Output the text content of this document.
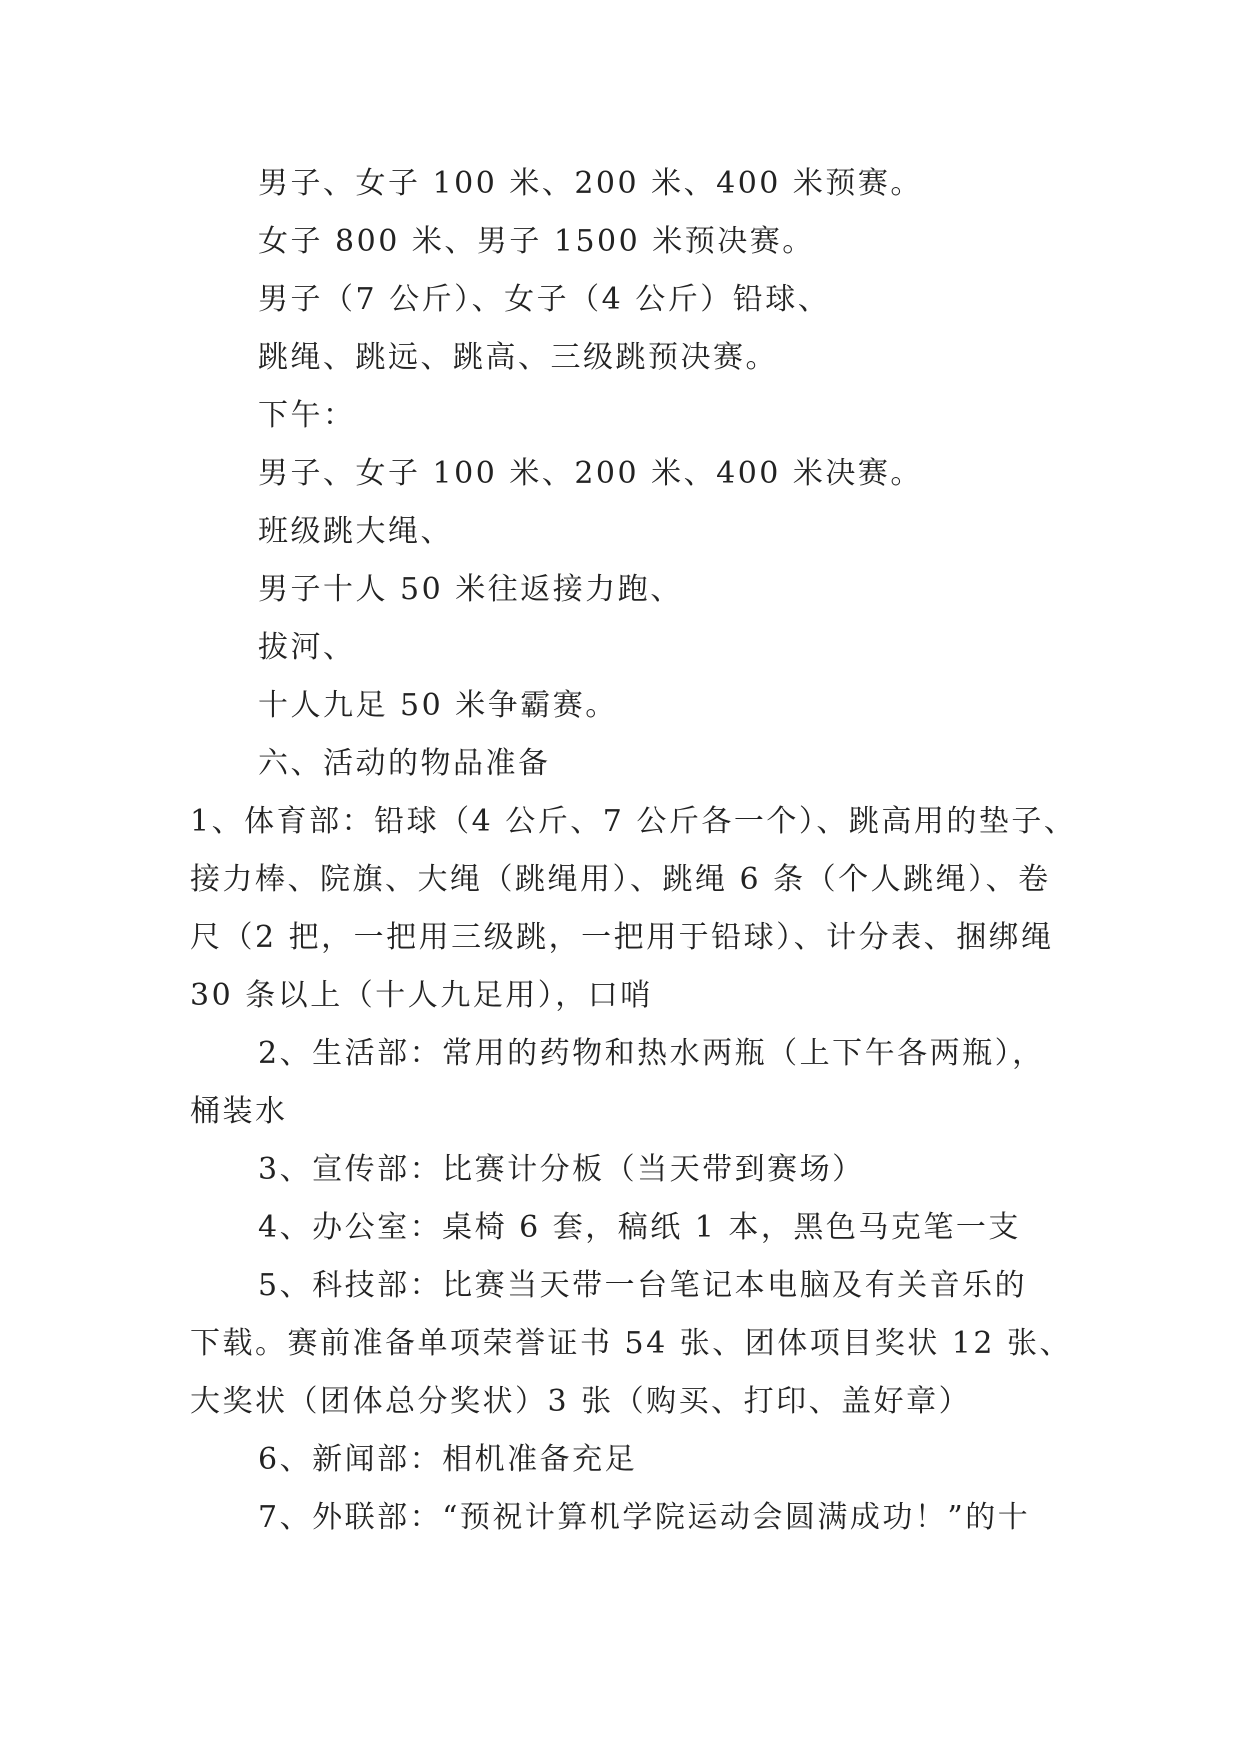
男子、女子 100 米、200 米、400 米预赛。
女子 800 米、男子 1500 米预决赛。
男子（7 公斤）、女子（4 公斤）铅球、
跳绳、跳远、跳高、三级跳预决赛。
下午：
男子、女子 100 米、200 米、400 米决赛。
班级跳大绳、
男子十人 50 米往返接力跑、
拔河、
十人九足 50 米争霸赛。
六、活动的物品准备
1、体育部：铅球（4 公斤、7 公斤各一个）、跳高用的垫子、
接力棒、院旗、大绳（跳绳用）、跳绳 6 条（个人跳绳）、卷
尺（2 把，一把用三级跳，一把用于铅球）、计分表、捆绑绳
30 条以上（十人九足用），口哨
2、生活部：常用的药物和热水两瓶（上下午各两瓶），
桶装水
3、宣传部：比赛计分板（当天带到赛场）
4、办公室：桌椅 6 套，稿纸 1 本，黑色马克笔一支
5、科技部：比赛当天带一台笔记本电脑及有关音乐的
下载。赛前准备单项荣誉证书 54 张、团体项目奖状 12 张、
大奖状（团体总分奖状）3 张（购买、打印、盖好章）
6、新闻部：相机准备充足
7、外联部：“预祝计算机学院运动会圆满成功！”的十
